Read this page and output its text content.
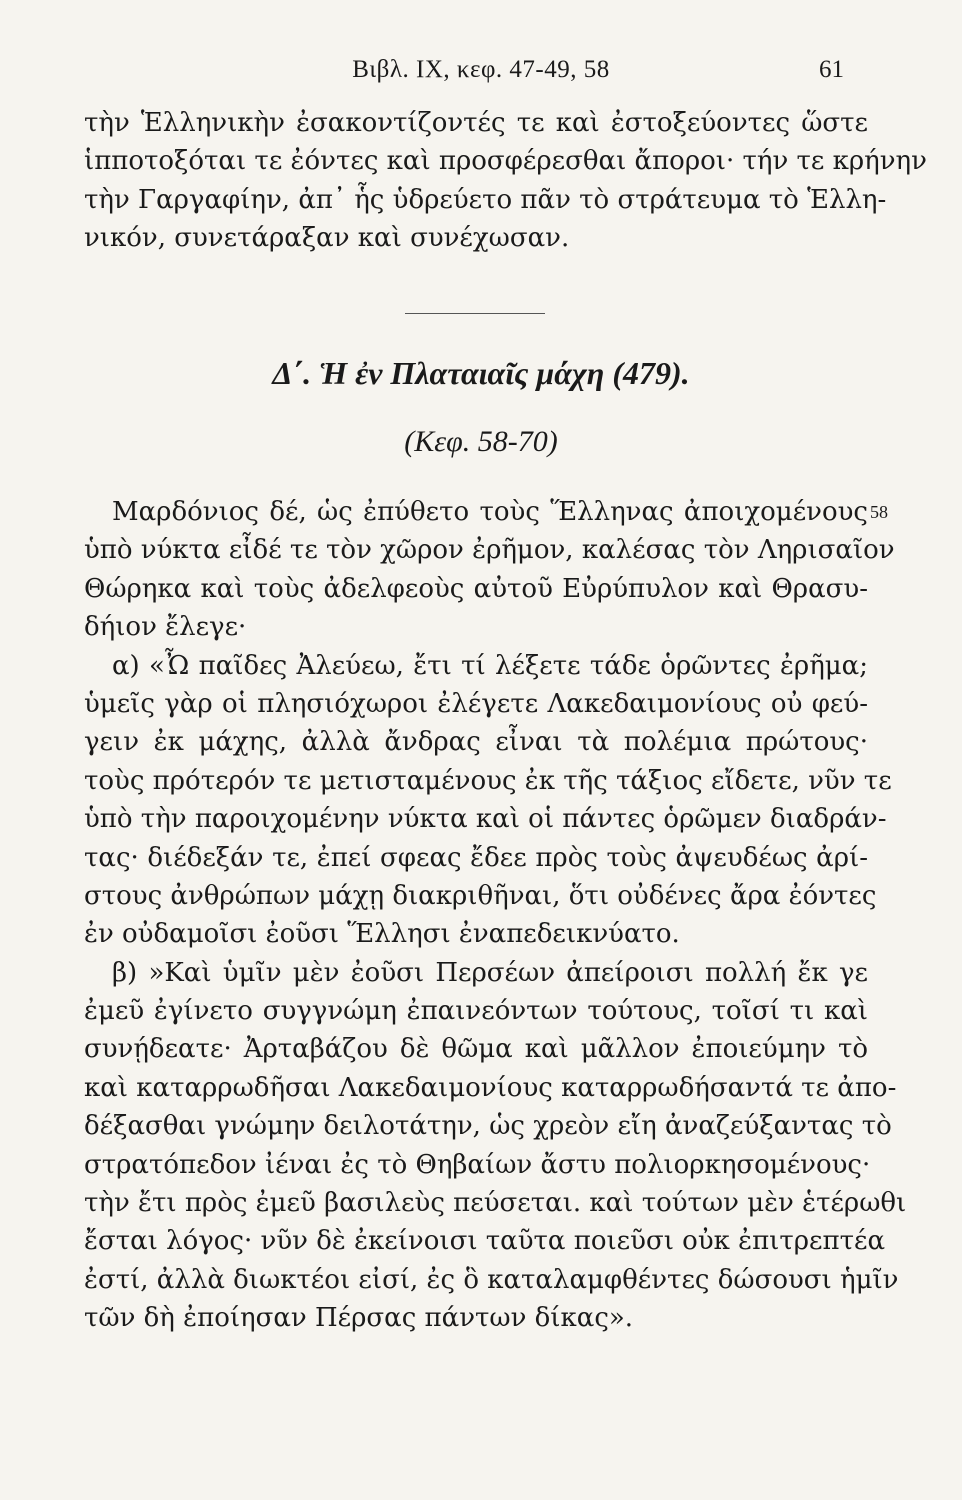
Βιβλ. ΙΧ, κεφ. 47-49, 58	61
τὴν Ἑλληνικὴν ἐσακοντίζοντές τε καὶ ἐστοξεύοντες ὥστε
ἱπποτοξόται τε ἐόντες καὶ προσφέρεσθαι ἄποροι· τήν τε κρήνην
τὴν Γαργαφίην, ἀπ᾽ ἧς ὑδρεύετο πᾶν τὸ στράτευμα τὸ Ἑλλη-
νικόν, συνετάραξαν καὶ συνέχωσαν.
Δ΄. Ἡ ἐν Πλαταιαῖς μάχη (479).
(Κεφ. 58-70)
58
Μαρδόνιος δέ, ὡς ἐπύθετο τοὺς Ἕλληνας ἀποιχομένους
ὑπὸ νύκτα εἶδέ τε τὸν χῶρον ἐρῆμον, καλέσας τὸν Ληρισαῖον
Θώρηκα καὶ τοὺς ἀδελφεοὺς αὐτοῦ Εὐρύπυλον καὶ Θρασυ-
δήιον ἔλεγε·
α) «Ὦ παῖδες Ἀλεύεω, ἔτι τί λέξετε τάδε ὁρῶντες ἐρῆμα;
ὑμεῖς γὰρ οἱ πλησιόχωροι ἐλέγετε Λακεδαιμονίους οὐ φεύ-
γειν ἐκ μάχης, ἀλλὰ ἄνδρας εἶναι τὰ πολέμια πρώτους·
τοὺς πρότερόν τε μετισταμένους ἐκ τῆς τάξιος εἴδετε, νῦν τε
ὑπὸ τὴν παροιχομένην νύκτα καὶ οἱ πάντες ὁρῶμεν διαδράν-
τας· διέδεξάν τε, ἐπεί σφεας ἔδεε πρὸς τοὺς ἀψευδέως ἀρί-
στους ἀνθρώπων μάχῃ διακριθῆναι, ὅτι οὐδένες ἄρα ἐόντες
ἐν οὐδαμοῖσι ἐοῦσι Ἕλλησι ἐναπεδεικνύατο.
β) »Καὶ ὑμῖν μὲν ἐοῦσι Περσέων ἀπείροισι πολλή ἔκ γε
ἐμεῦ ἐγίνετο συγγνώμη ἐπαινεόντων τούτους, τοῖσί τι καὶ
συνῄδεατε· Ἀρταβάζου δὲ θῶμα καὶ μᾶλλον ἐποιεύμην τὸ
καὶ καταρρωδῆσαι Λακεδαιμονίους καταρρωδήσαντά τε ἀπο-
δέξασθαι γνώμην δειλοτάτην, ὡς χρεὸν εἴη ἀναζεύξαντας τὸ
στρατόπεδον ἰέναι ἐς τὸ Θηβαίων ἄστυ πολιορκησομένους·
τὴν ἔτι πρὸς ἐμεῦ βασιλεὺς πεύσεται. καὶ τούτων μὲν ἑτέρωθι
ἔσται λόγος· νῦν δὲ ἐκείνοισι ταῦτα ποιεῦσι οὐκ ἐπιτρεπτέα
ἐστί, ἀλλὰ διωκτέοι εἰσί, ἐς ὃ καταλαμφθέντες δώσουσι ἡμῖν
τῶν δὴ ἐποίησαν Πέρσας πάντων δίκας».
